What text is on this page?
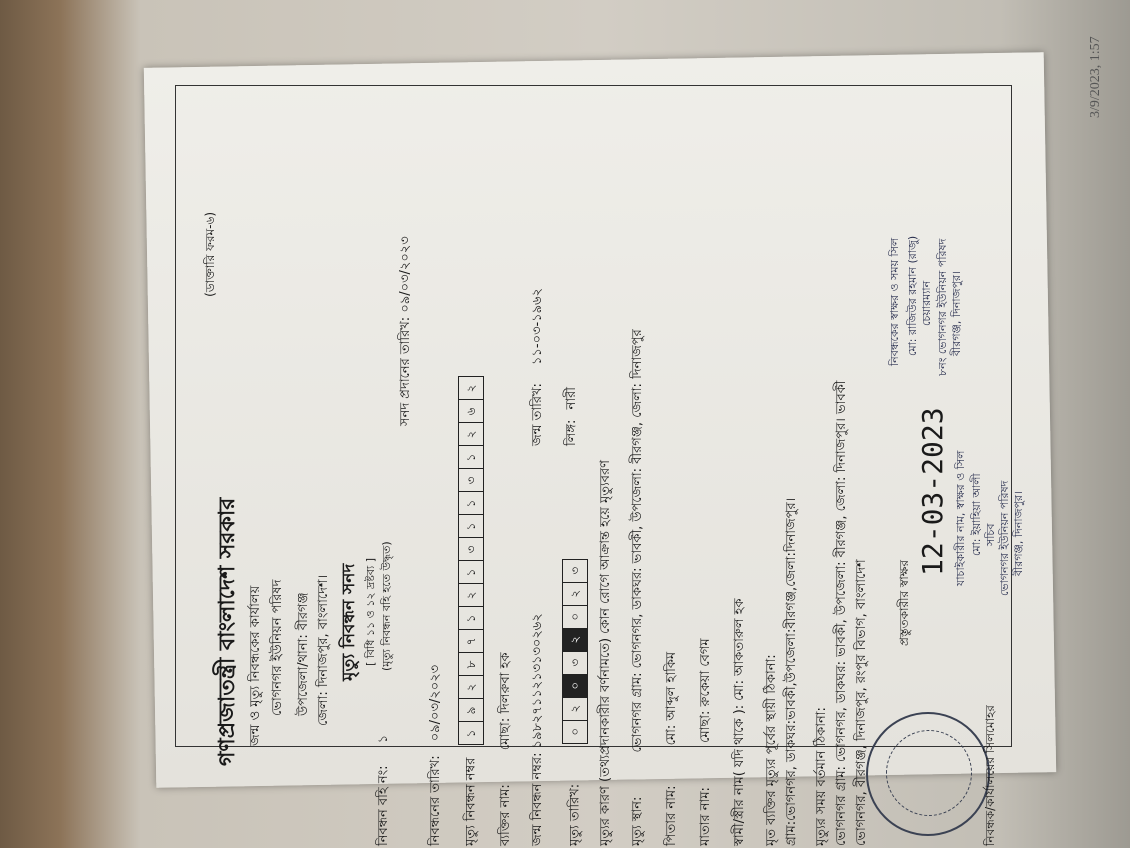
গণপ্রজাতন্ত্রী বাংলাদেশ সরকার
(ডাক্তারি ফরম-৬)
জন্ম ও মৃত্যু নিবন্ধকের কার্যালয় ভোগনগর ইউনিয়ন পরিষদ উপজেলা/থানা: বীরগঞ্জ জেলা: দিনাজপুর, বাংলাদেশ। মৃত্যু নিবন্ধন সনদ [ বিধি ১১ ও ১২ দ্রষ্টব্য ] (মৃত্যু নিবন্ধন বহি হতে উদ্ধৃত)
নিবন্ধন বহি নং: ১
সনদ প্রদানের তারিখ: ০৯/০৩/২০২৩
নিবন্ধনের তারিখ: ০৯/০৩/২০২৩
মৃত্যু নিবন্ধন নম্বর
১
৯
২
৮
৭
১
২
১
৩
১
১
৩
১
২
৬
২
ব্যক্তির নাম: মোছা: দিলরুবা হক
জন্ম নিবন্ধন নম্বর: ১৯৮২৭১১২১৩১৩০২৬২
জন্ম তারিখ: ১১-০৩-১৯৬২
মৃত্যু তারিখ:
০
২
০
৩
২
০
২
৩
লিঙ্গ: নারী
মৃত্যুর কারণ (তথ্যপ্রদানকারীর বর্ণনামতে) কোন রোগে আক্রান্ত হয়ে মৃত্যুবরণ	মৃত্যু স্থান: ভোগনগর গ্রাম: ভোগনগর, ডাকঘর: ভাবকী, উপজেলা: বীরগঞ্জ, জেলা: দিনাজপুর
পিতার নাম: মো: আব্দুল হাকিম
মাতার নাম: মোছা: রুকেয়া বেগম
স্বামী/স্ত্রীর নাম( যদি থাকে ): মো: আকতারুল হক
মৃত ব্যক্তির মৃত্যুর পূর্বের স্থায়ী ঠিকানা: গ্রাম:ভোগনগর, ডাকঘর:ভাবকী,উপজেলা:বীরগঞ্জ,জেলা:দিনাজপুর।	মৃত্যুর সময় বর্তমান ঠিকানা: ভোগনগর গ্রাম: ভোগনগর, ডাকঘর: ভাবকী, উপজেলা: বীরগঞ্জ, জেলা: দিনাজপুর। ভাবকী ভোগনগর, বীরগঞ্জ, দিনাজপুর, রংপুর বিভাগ, বাংলাদেশ	প্রস্তুতকারীর স্বাক্ষর
নিবন্ধক/কার্যালয়ের সিলমোহর
12-03-2023 যাচাইকারীর নাম, স্বাক্ষর ও সিল মো: ইয়াহিয়া আলী সচিব ভোগনগর ইউনিয়ন পরিষদ বীরগঞ্জ, দিনাজপুর।
নিবন্ধকের স্বাক্ষর ও সময় সিল মো: রাজিউর রহমান (রাজু) চেয়ারম্যান ৮নং ভোগনগর ইউনিয়ন পরিষদ বীরগঞ্জ, দিনাজপুর।
3/9/2023, 1:57
